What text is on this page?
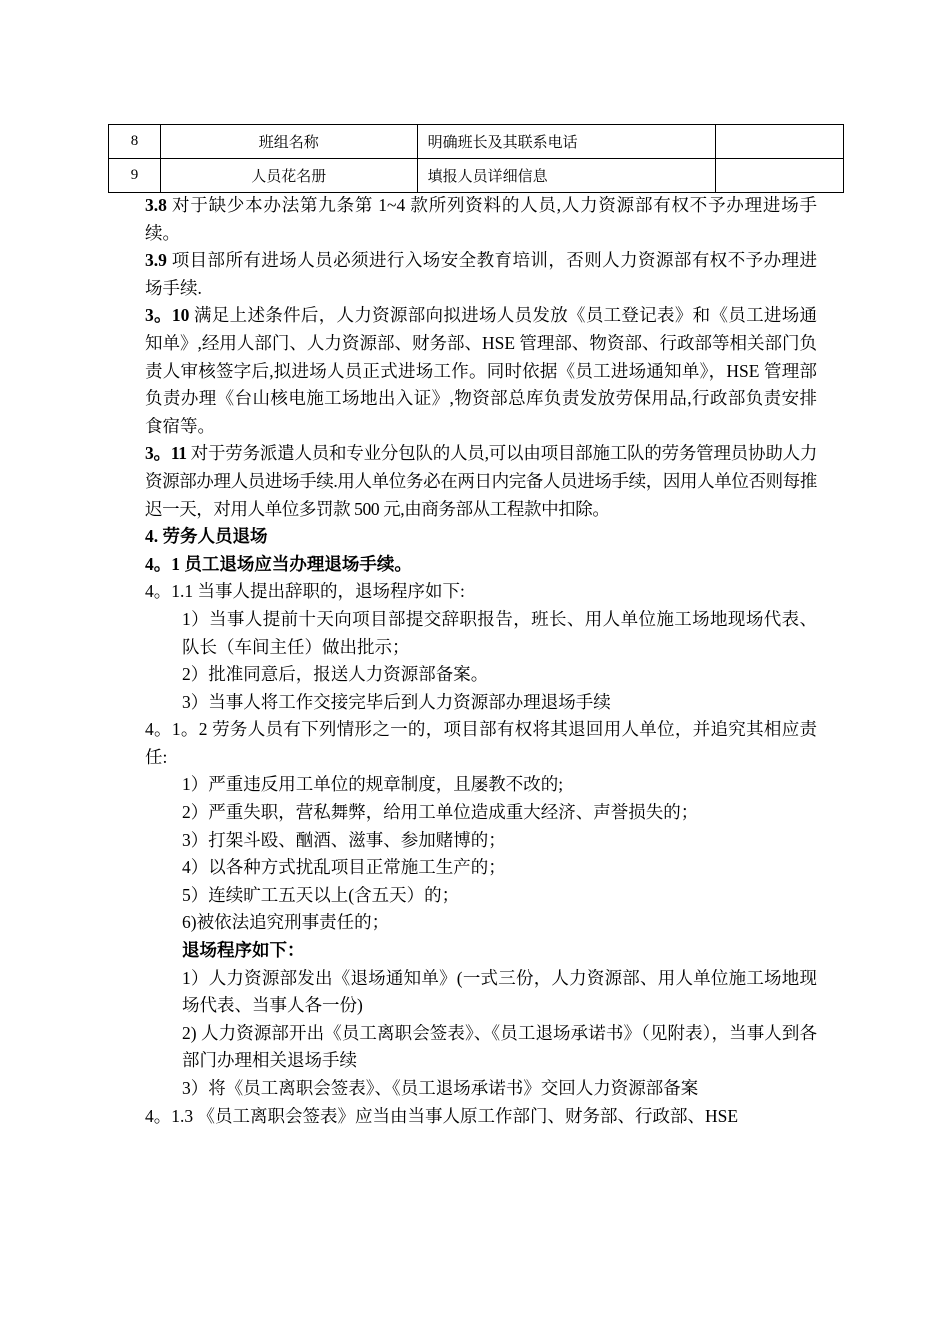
8	班组名称	明确班长及其联系电话	
9	人员花名册	填报人员详细信息	

3.8 对于缺少本办法第九条第 1~4 款所列资料的人员,人力资源部有权不予办理进场手续。

3.9 项目部所有进场人员必须进行入场安全教育培训，否则人力资源部有权不予办理进场手续.

3。10 满足上述条件后，人力资源部向拟进场人员发放《员工登记表》和《员工进场通知单》,经用人部门、人力资源部、财务部、HSE 管理部、物资部、行政部等相关部门负责人审核签字后,拟进场人员正式进场工作。同时依据《员工进场通知单》，HSE 管理部负责办理《台山核电施工场地出入证》,物资部总库负责发放劳保用品,行政部负责安排食宿等。

3。11 对于劳务派遣人员和专业分包队的人员,可以由项目部施工队的劳务管理员协助人力资源部办理人员进场手续.用人单位务必在两日内完备人员进场手续，因用人单位否则每推迟一天，对用人单位多罚款 500 元,由商务部从工程款中扣除。

4. 劳务人员退场

4。1 员工退场应当办理退场手续。

4。1.1 当事人提出辞职的，退场程序如下:

1）当事人提前十天向项目部提交辞职报告，班长、用人单位施工场地现场代表、队长（车间主任）做出批示；

2）批准同意后，报送人力资源部备案。

3）当事人将工作交接完毕后到人力资源部办理退场手续

4。1。2 劳务人员有下列情形之一的，项目部有权将其退回用人单位，并追究其相应责任:

1）严重违反用工单位的规章制度，且屡教不改的;

2）严重失职，营私舞弊，给用工单位造成重大经济、声誉损失的；

3）打架斗殴、酗酒、滋事、参加赌博的；

4）以各种方式扰乱项目正常施工生产的；

5）连续旷工五天以上(含五天）的；

6)被依法追究刑事责任的；

退场程序如下：

1）人力资源部发出《退场通知单》(一式三份，人力资源部、用人单位施工场地现场代表、当事人各一份)

2) 人力资源部开出《员工离职会签表》、《员工退场承诺书》（见附表），当事人到各部门办理相关退场手续

3）将《员工离职会签表》、《员工退场承诺书》交回人力资源部备案

4。1.3 《员工离职会签表》应当由当事人原工作部门、财务部、行政部、HSE
